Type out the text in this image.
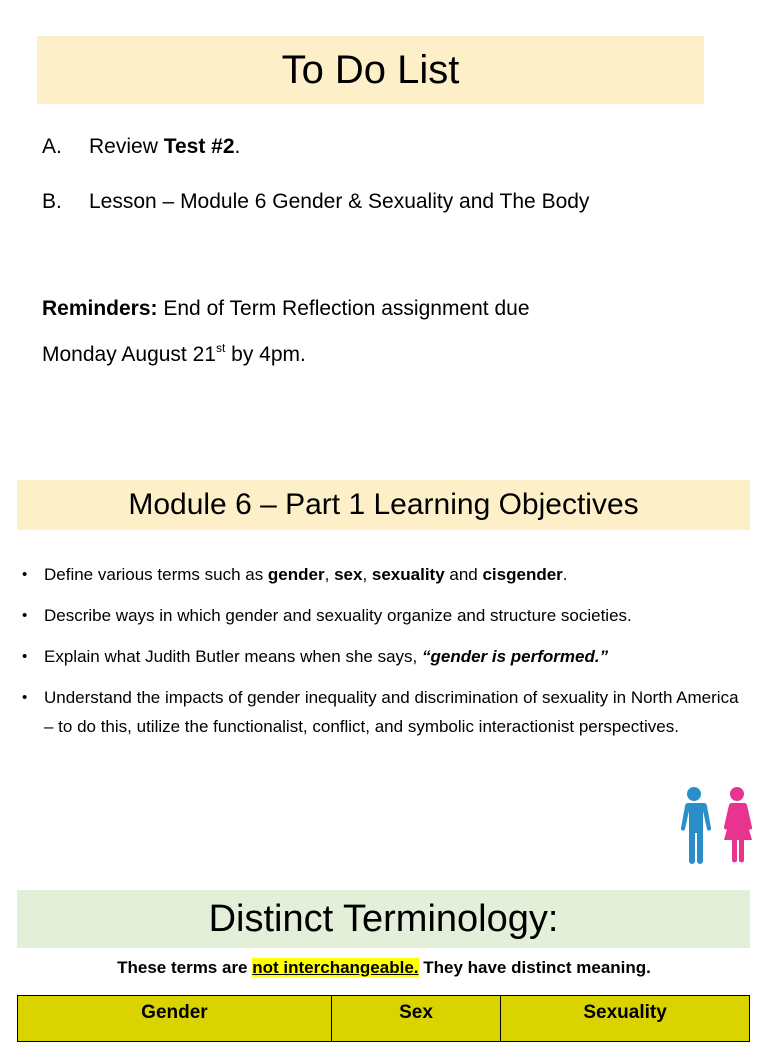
To Do List
A.	Review Test #2.
B.	Lesson – Module 6 Gender & Sexuality and The Body
Reminders: End of Term Reflection assignment due
Monday August 21st by 4pm.
Module 6 – Part 1 Learning Objectives
• Define various terms such as gender, sex, sexuality and cisgender.
• Describe ways in which gender and sexuality organize and structure societies.
• Explain what Judith Butler means when she says, “gender is performed.”
• Understand the impacts of gender inequality and discrimination of sexuality in North America – to do this, utilize the functionalist, conflict, and symbolic interactionist perspectives.
Distinct Terminology:
These terms are not interchangeable. They have distinct meaning.
Gender	Sex	Sexuality
